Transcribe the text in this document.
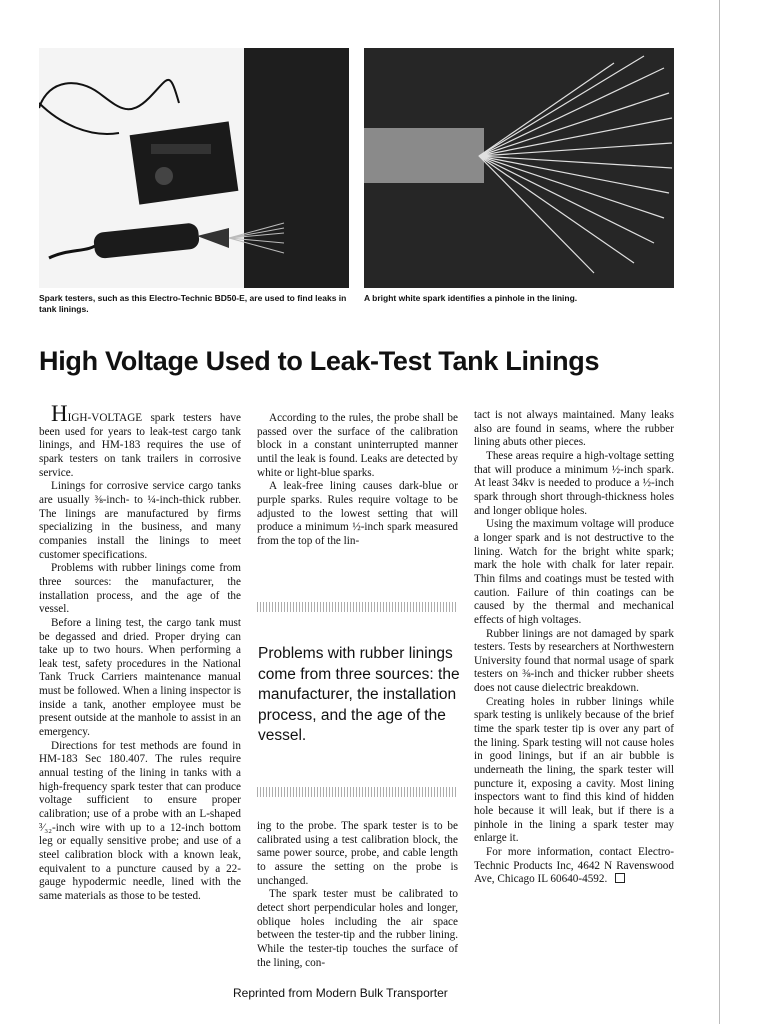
Spark testers, such as this Electro-Technic BD50-E, are used to find leaks in tank linings.
A bright white spark identifies a pinhole in the lining.
High Voltage Used to Leak-Test Tank Linings

HIGH-VOLTAGE spark testers have been used for years to leak-test cargo tank linings, and HM-183 requires the use of spark testers on tank trailers in corrosive service.

Linings for corrosive service cargo tanks are usually ⅜-inch- to ¼-inch-thick rubber. The linings are manufactured by firms specializing in the business, and many companies install the linings to meet customer specifications.

Problems with rubber linings come from three sources: the manufacturer, the installation process, and the age of the vessel.

Before a lining test, the cargo tank must be degassed and dried. Proper drying can take up to two hours. When performing a leak test, safety procedures in the National Tank Truck Carriers maintenance manual must be followed. When a lining inspector is inside a tank, another employee must be present outside at the manhole to assist in an emergency.

Directions for test methods are found in HM-183 Sec 180.407. The rules require annual testing of the lining in tanks with a high-frequency spark tester that can produce voltage sufficient to ensure proper calibration; use of a probe with an L-shaped ³⁄₃₂-inch wire with up to a 12-inch bottom leg or equally sensitive probe; and use of a steel calibration block with a known leak, equivalent to a puncture caused by a 22-gauge hypodermic needle, lined with the same materials as those to be tested.

According to the rules, the probe shall be passed over the surface of the calibration block in a constant uninterrupted manner until the leak is found. Leaks are detected by white or light-blue sparks.

A leak-free lining causes dark-blue or purple sparks. Rules require voltage to be adjusted to the lowest setting that will produce a minimum ½-inch spark measured from the top of the lin-

Problems with rubber linings come from three sources: the manufacturer, the installation process, and the age of the vessel.

ing to the probe. The spark tester is to be calibrated using a test calibration block, the same power source, probe, and cable length to assure the setting on the probe is unchanged.

The spark tester must be calibrated to detect short perpendicular holes and longer, oblique holes including the air space between the tester-tip and the rubber lining. While the tester-tip touches the surface of the lining, con-

tact is not always maintained. Many leaks also are found in seams, where the rubber lining abuts other pieces.

These areas require a high-voltage setting that will produce a minimum ½-inch spark. At least 34kv is needed to produce a ½-inch spark through short through-thickness holes and longer oblique holes.

Using the maximum voltage will produce a longer spark and is not destructive to the lining. Watch for the bright white spark; mark the hole with chalk for later repair. Thin films and coatings must be tested with caution. Failure of thin coatings can be caused by the thermal and mechanical effects of high voltages.

Rubber linings are not damaged by spark testers. Tests by researchers at Northwestern University found that normal usage of spark testers on ⅜-inch and thicker rubber sheets does not cause dielectric breakdown.

Creating holes in rubber linings while spark testing is unlikely because of the brief time the spark tester tip is over any part of the lining. Spark testing will not cause holes in good linings, but if an air bubble is underneath the lining, the spark tester will puncture it, exposing a cavity. Most lining inspectors want to find this kind of hidden hole because it will leak, but if there is a pinhole in the lining a spark tester may enlarge it.

For more information, contact Electro-Technic Products Inc, 4642 N Ravenswood Ave, Chicago IL 60640-4592.

Reprinted from Modern Bulk Transporter
